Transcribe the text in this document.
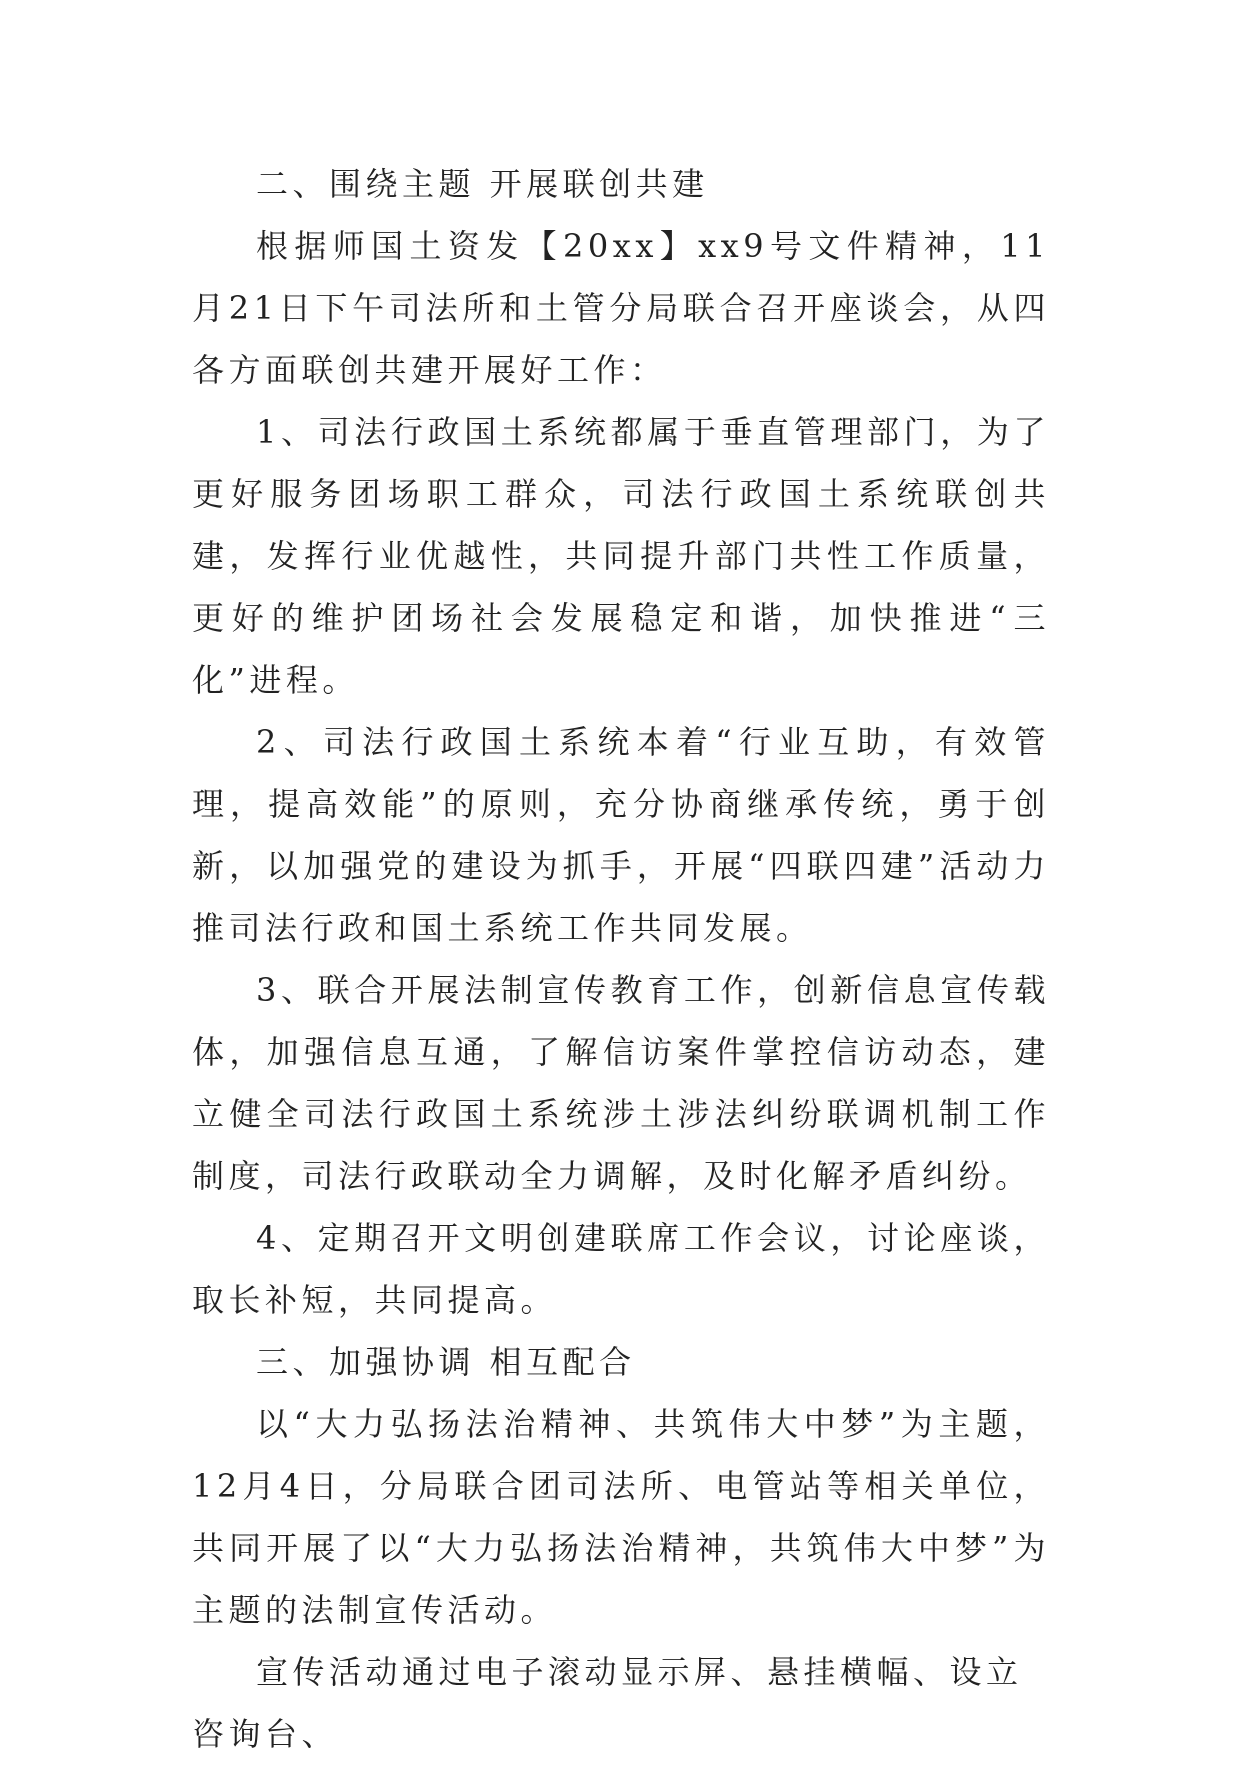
二、围绕主题 开展联创共建

根据师国土资发【20xx】xx9号文件精神，11月21日下午司法所和土管分局联合召开座谈会，从四各方面联创共建开展好工作：

1、司法行政国土系统都属于垂直管理部门，为了更好服务团场职工群众，司法行政国土系统联创共建，发挥行业优越性，共同提升部门共性工作质量，更好的维护团场社会发展稳定和谐，加快推进“三化”进程。

2、司法行政国土系统本着“行业互助，有效管理，提高效能”的原则，充分协商继承传统，勇于创新，以加强党的建设为抓手，开展“四联四建”活动力推司法行政和国土系统工作共同发展。

3、联合开展法制宣传教育工作，创新信息宣传载体，加强信息互通，了解信访案件掌控信访动态，建立健全司法行政国土系统涉土涉法纠纷联调机制工作制度，司法行政联动全力调解，及时化解矛盾纠纷。

4、定期召开文明创建联席工作会议，讨论座谈，取长补短，共同提高。

三、加强协调 相互配合

以“大力弘扬法治精神、共筑伟大中梦”为主题，12月4日，分局联合团司法所、电管站等相关单位，共同开展了以“大力弘扬法治精神，共筑伟大中梦”为主题的法制宣传活动。

宣传活动通过电子滚动显示屏、悬挂横幅、设立咨询台、
